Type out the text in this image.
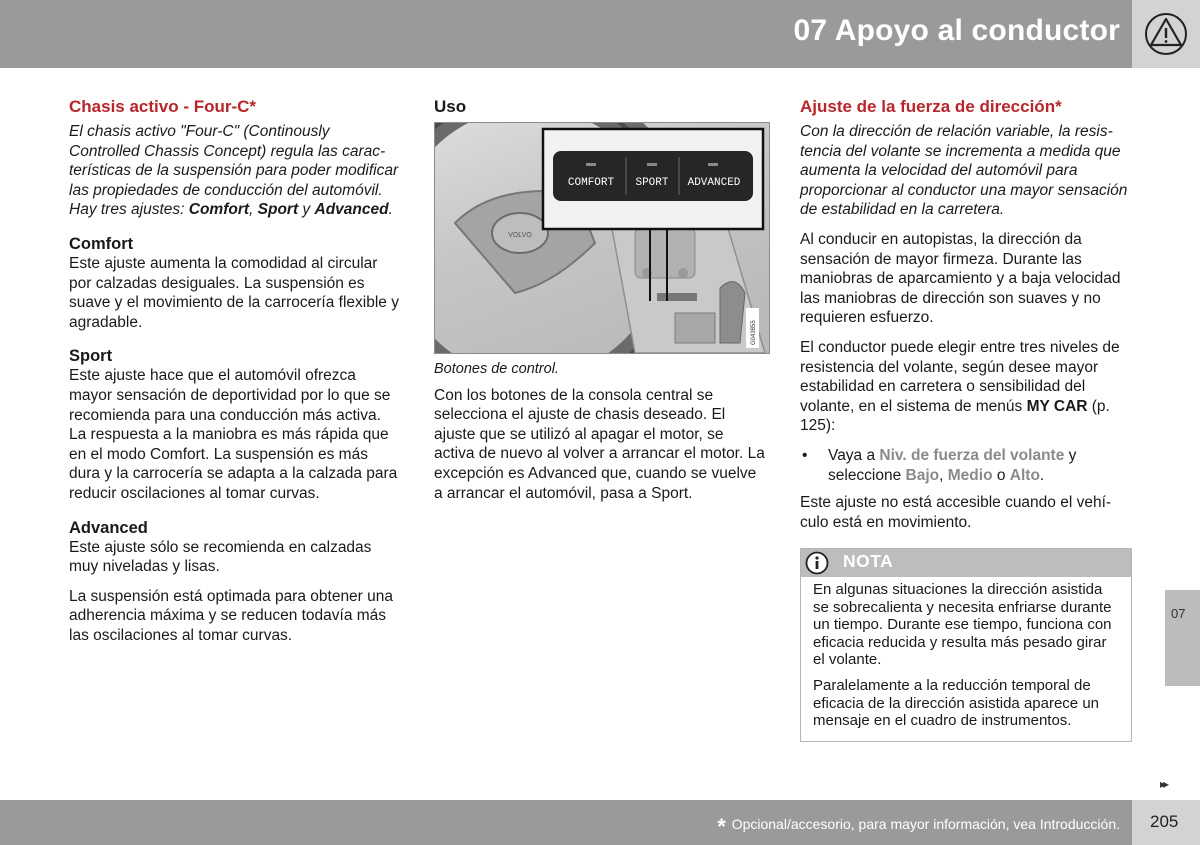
07 Apoyo al conductor
Chasis activo - Four-C*

El chasis activo "Four-C" (Continously Controlled Chassis Concept) regula las características de la suspensión para poder modificar las propiedades de conducción del automóvil. Hay tres ajustes: Comfort, Sport y Advanced.

Comfort

Este ajuste aumenta la comodidad al circular por calzadas desiguales. La suspensión es suave y el movimiento de la carrocería flexible y agradable.

Sport

Este ajuste hace que el automóvil ofrezca mayor sensación de deportividad por lo que se recomienda para una conducción más activa. La respuesta a la maniobra es más rápida que en el modo Comfort. La suspensión es más dura y la carrocería se adapta a la calzada para reducir oscilaciones al tomar curvas.

Advanced

Este ajuste sólo se recomienda en calzadas muy niveladas y lisas.

La suspensión está optimada para obtener una adherencia máxima y se reducen todavía más las oscilaciones al tomar curvas.

Uso
VOLVO
COMFORT SPORT ADVANCED
G043855
Botones de control.

Con los botones de la consola central se selecciona el ajuste de chasis deseado. El ajuste que se utilizó al apagar el motor, se activa de nuevo al volver a arrancar el motor. La excepción es Advanced que, cuando se vuelve a arrancar el automóvil, pasa a Sport.

Ajuste de la fuerza de dirección*

Con la dirección de relación variable, la resistencia del volante se incrementa a medida que aumenta la velocidad del automóvil para proporcionar al conductor una mayor sensación de estabilidad en la carretera.

Al conducir en autopistas, la dirección da sensación de mayor firmeza. Durante las maniobras de aparcamiento y a baja velocidad las maniobras de dirección son suaves y no requieren esfuerzo.

El conductor puede elegir entre tres niveles de resistencia del volante, según desee mayor estabilidad en carretera o sensibilidad del volante, en el sistema de menús MY CAR (p. 125):

• Vaya a Niv. de fuerza del volante y seleccione Bajo, Medio o Alto.

Este ajuste no está accesible cuando el vehículo está en movimiento.

NOTA

En algunas situaciones la dirección asistida se sobrecalienta y necesita enfriarse durante un tiempo. Durante ese tiempo, funciona con eficacia reducida y resulta más pesado girar el volante.

Paralelamente a la reducción temporal de eficacia de la dirección asistida aparece un mensaje en el cuadro de instrumentos.

07
▸▸
* Opcional/accesorio, para mayor información, vea Introducción. 205
